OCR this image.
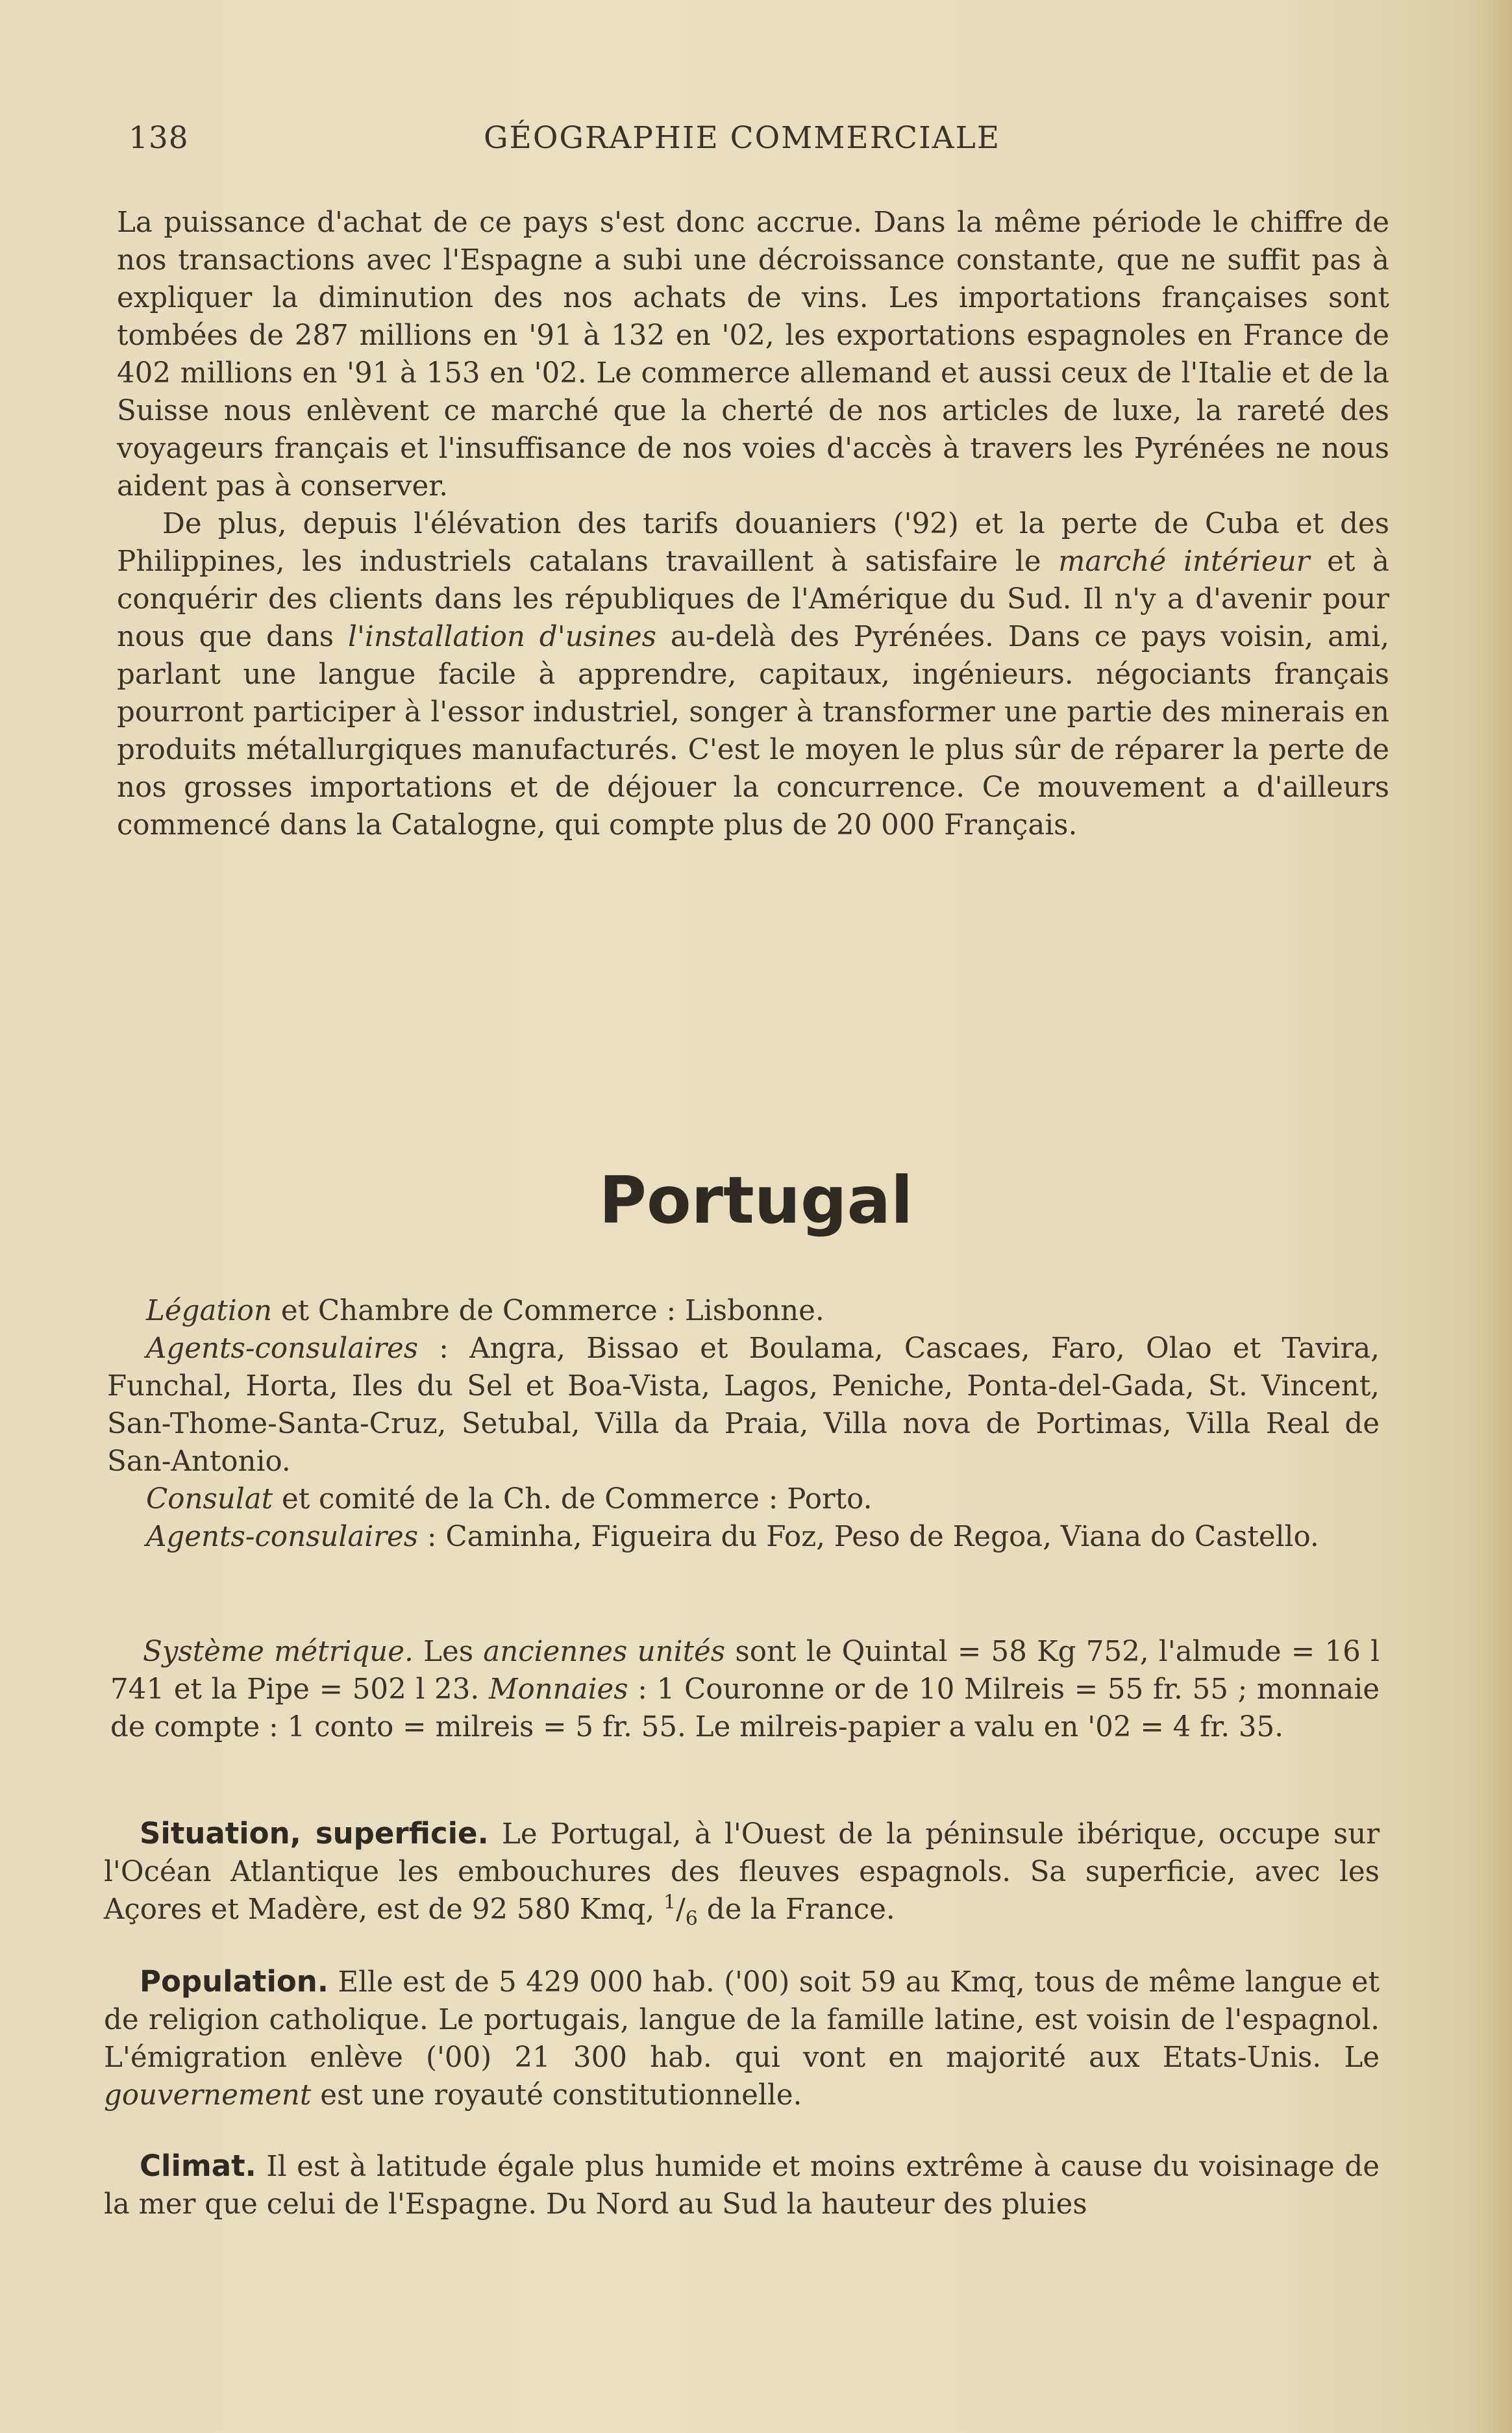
138	GÉOGRAPHIE COMMERCIALE

La puissance d'achat de ce pays s'est donc accrue. Dans la même période le chiffre de nos transactions avec l'Espagne a subi une décroissance constante, que ne suffit pas à expliquer la diminution des nos achats de vins. Les importations françaises sont tombées de 287 millions en '91 à 132 en '02, les exportations espagnoles en France de 402 millions en '91 à 153 en '02. Le commerce allemand et aussi ceux de l'Italie et de la Suisse nous enlèvent ce marché que la cherté de nos articles de luxe, la rareté des voyageurs français et l'insuffisance de nos voies d'accès à travers les Pyrénées ne nous aident pas à conserver.

De plus, depuis l'élévation des tarifs douaniers ('92) et la perte de Cuba et des Philippines, les industriels catalans travaillent à satisfaire le marché intérieur et à conquérir des clients dans les républiques de l'Amérique du Sud. Il n'y a d'avenir pour nous que dans l'installation d'usines au-delà des Pyrénées. Dans ce pays voisin, ami, parlant une langue facile à apprendre, capitaux, ingénieurs. négociants français pourront participer à l'essor industriel, songer à transformer une partie des minerais en produits métallurgiques manufacturés. C'est le moyen le plus sûr de réparer la perte de nos grosses importations et de déjouer la concurrence. Ce mouvement a d'ailleurs commencé dans la Catalogne, qui compte plus de 20 000 Français.

Portugal

Légation et Chambre de Commerce : Lisbonne.

Agents-consulaires : Angra, Bissao et Boulama, Cascaes, Faro, Olao et Tavira, Funchal, Horta, Iles du Sel et Boa-Vista, Lagos, Peniche, Ponta-del-Gada, St. Vincent, San-Thome-Santa-Cruz, Setubal, Villa da Praia, Villa nova de Portimas, Villa Real de San-Antonio.

Consulat et comité de la Ch. de Commerce : Porto.

Agents-consulaires : Caminha, Figueira du Foz, Peso de Regoa, Viana do Castello.

Système métrique. Les anciennes unités sont le Quintal = 58 Kg 752, l'almude = 16 l 741 et la Pipe = 502 l 23. Monnaies : 1 Couronne or de 10 Milreis = 55 fr. 55 ; monnaie de compte : 1 conto = milreis = 5 fr. 55. Le milreis-papier a valu en '02 = 4 fr. 35.

Situation, superficie. Le Portugal, à l'Ouest de la péninsule ibérique, occupe sur l'Océan Atlantique les embouchures des fleuves espagnols. Sa superficie, avec les Açores et Madère, est de 92 580 Kmq, $^1/_6$ de la France.

Population. Elle est de 5 429 000 hab. ('00) soit 59 au Kmq, tous de même langue et de religion catholique. Le portugais, langue de la famille latine, est voisin de l'espagnol. L'émigration enlève ('00) 21 300 hab. qui vont en majorité aux Etats-Unis. Le gouvernement est une royauté constitutionnelle.

Climat. Il est à latitude égale plus humide et moins extrême à cause du voisinage de la mer que celui de l'Espagne. Du Nord au Sud la hauteur des pluies
